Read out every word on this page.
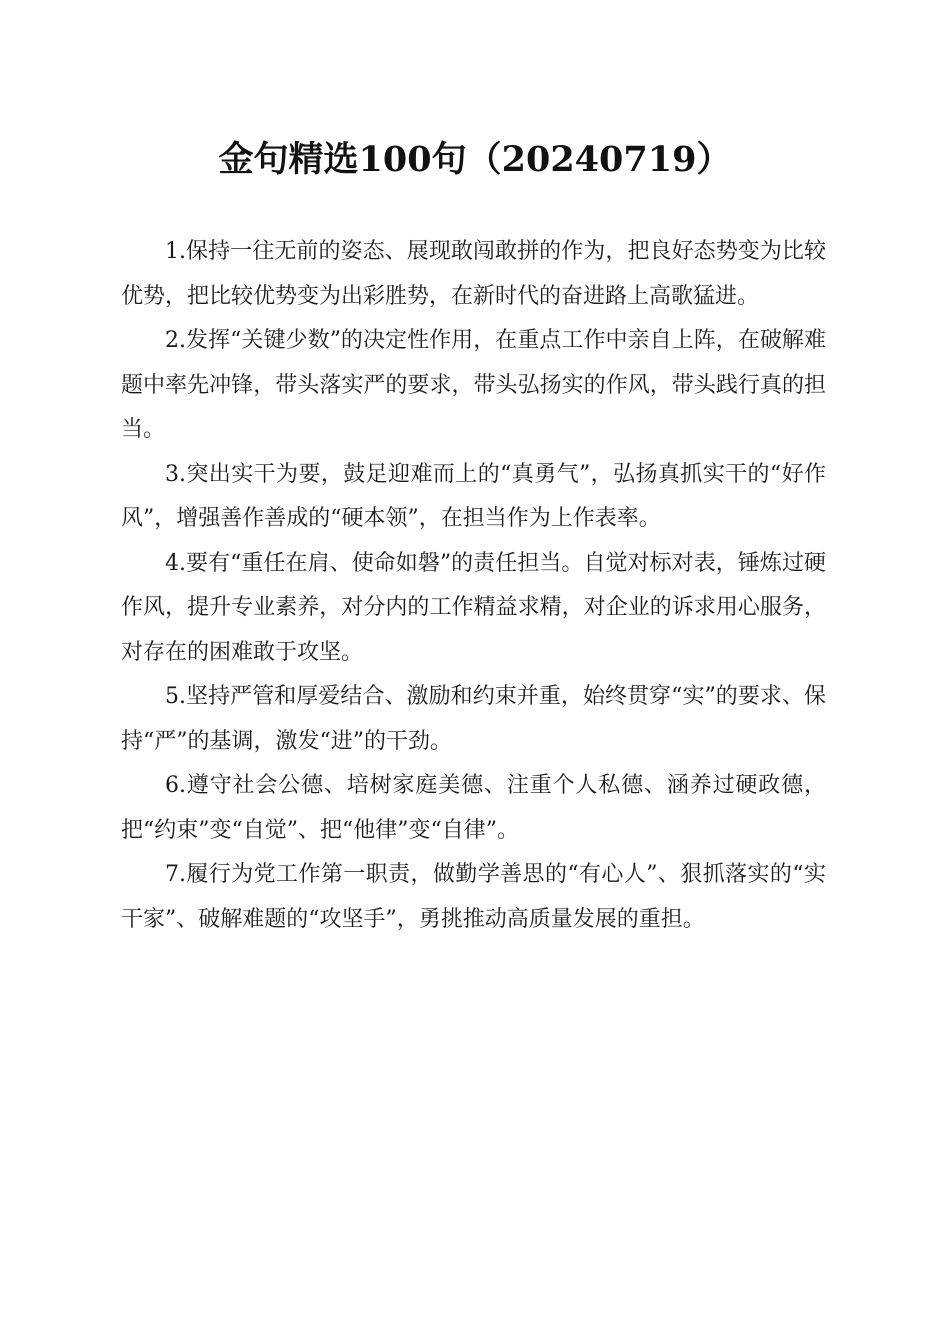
金句精选100句（20240719）

1.保持一往无前的姿态、展现敢闯敢拼的作为，把良好态势变为比较优势，把比较优势变为出彩胜势，在新时代的奋进路上高歌猛进。

2.发挥“关键少数”的决定性作用，在重点工作中亲自上阵，在破解难题中率先冲锋，带头落实严的要求，带头弘扬实的作风，带头践行真的担当。

3.突出实干为要，鼓足迎难而上的“真勇气”，弘扬真抓实干的“好作风”，增强善作善成的“硬本领”，在担当作为上作表率。

4.要有“重任在肩、使命如磐”的责任担当。自觉对标对表，锤炼过硬作风，提升专业素养，对分内的工作精益求精，对企业的诉求用心服务，对存在的困难敢于攻坚。

5.坚持严管和厚爱结合、激励和约束并重，始终贯穿“实”的要求、保持“严”的基调，激发“进”的干劲。

6.遵守社会公德、培树家庭美德、注重个人私德、涵养过硬政德，把“约束”变“自觉”、把“他律”变“自律”。

7.履行为党工作第一职责，做勤学善思的“有心人”、狠抓落实的“实干家”、破解难题的“攻坚手”，勇挑推动高质量发展的重担。
